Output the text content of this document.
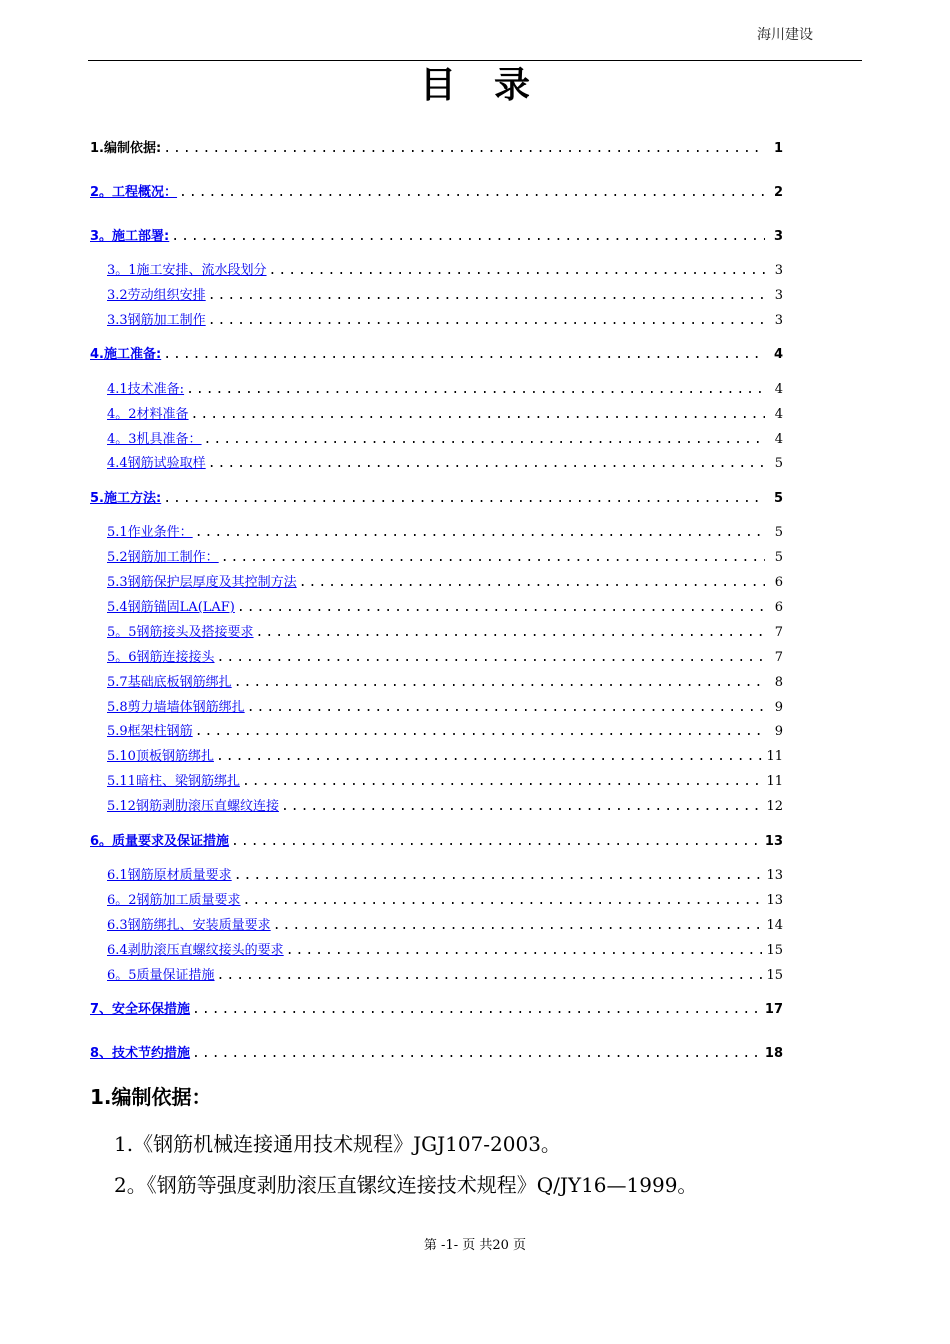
海川建设
目录
1.编制依据: .....	1
2。工程概况： .....	2
3。施工部署: .....	3
3。1施工安排、流水段划分 .....	3
3.2劳动组织安排 .....	3
3.3钢筋加工制作 .....	3
4.施工准备: .....	4
4.1技术准备: .....	4
4。2材料准备 .....	4
4。3机具准备： .....	4
4.4钢筋试验取样 .....	5
5.施工方法: .....	5
5.1作业条件： .....	5
5.2钢筋加工制作： .....	5
5.3钢筋保护层厚度及其控制方法 .....	6
5.4钢筋锚固LA(LAF) .....	6
5。5钢筋接头及搭接要求 .....	7
5。6钢筋连接接头 .....	7
5.7基础底板钢筋绑扎 .....	8
5.8剪力墙墙体钢筋绑扎 .....	9
5.9框架柱钢筋 .....	9
5.10顶板钢筋绑扎 .....	11
5.11暗柱、梁钢筋绑扎 .....	11
5.12钢筋剥肋滚压直螺纹连接 .....	12
6。质量要求及保证措施 .....	13
6.1钢筋原材质量要求 .....	13
6。2钢筋加工质量要求 .....	13
6.3钢筋绑扎、安装质量要求 .....	14
6.4剥肋滚压直螺纹接头的要求 .....	15
6。5质量保证措施 .....	15
7、安全环保措施 .....	17
8、技术节约措施 .....	18
1.编制依据：
1.《钢筋机械连接通用技术规程》JGJ107-2003。
2。《钢筋等强度剥肋滚压直镙纹连接技术规程》Q/JY16—1999。
第 -1- 页 共20 页
